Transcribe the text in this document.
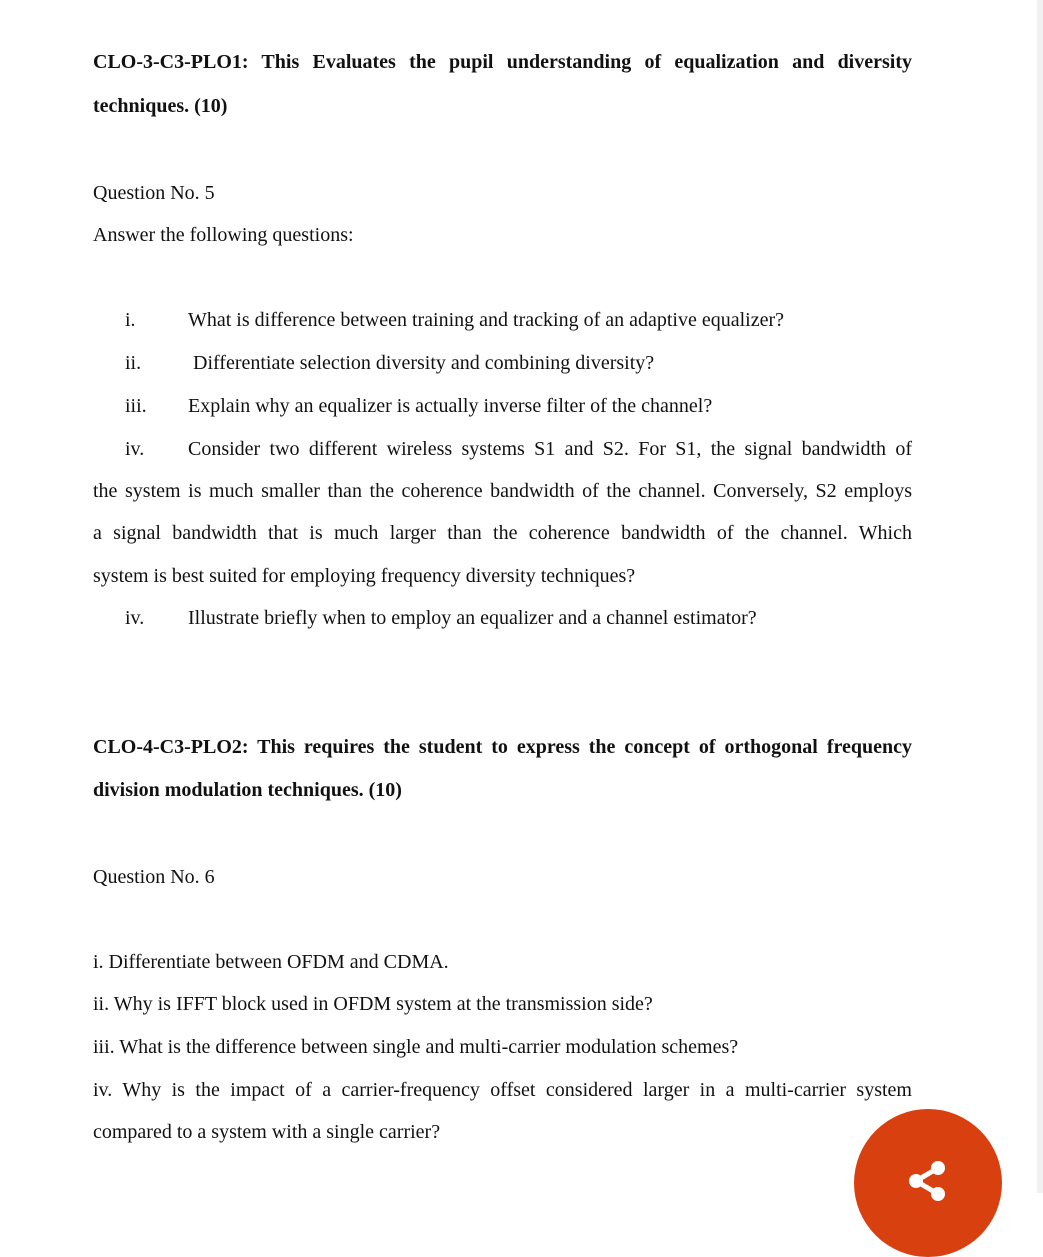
CLO-3-C3-PLO1: This Evaluates the pupil understanding of equalization and diversity
techniques. (10)
Question No. 5
Answer the following questions:
i.	What is difference between training and tracking of an adaptive equalizer?
ii.	Differentiate selection diversity and combining diversity?
iii. Explain why an equalizer is actually inverse filter of the channel?
iv. Consider two different wireless systems S1 and S2. For S1, the signal bandwidth of
the system is much smaller than the coherence bandwidth of the channel. Conversely, S2 employs
a signal bandwidth that is much larger than the coherence bandwidth of the channel. Which
system is best suited for employing frequency diversity techniques?
iv. Illustrate briefly when to employ an equalizer and a channel estimator?
CLO-4-C3-PLO2: This requires the student to express the concept of orthogonal frequency
division modulation techniques. (10)
Question No. 6
i. Differentiate between OFDM and CDMA.
ii. Why is IFFT block used in OFDM system at the transmission side?
iii. What is the difference between single and multi-carrier modulation schemes?
iv. Why is the impact of a carrier-frequency offset considered larger in a multi-carrier system
compared to a system with a single carrier?
